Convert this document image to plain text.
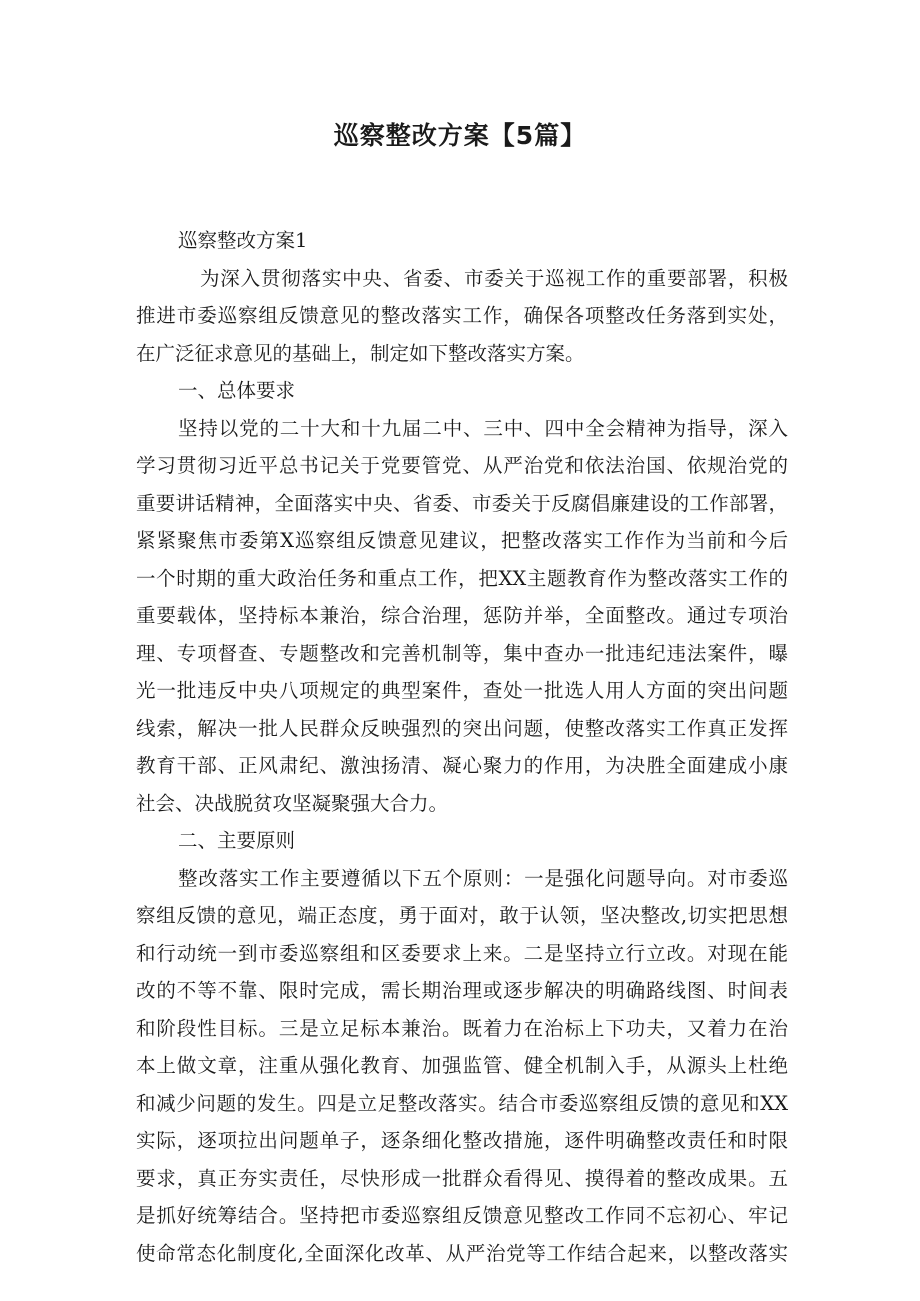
巡察整改方案【5篇】
巡察整改方案1
为深入贯彻落实中央、省委、市委关于巡视工作的重要部署，积极
推进市委巡察组反馈意见的整改落实工作，确保各项整改任务落到实处，
在广泛征求意见的基础上，制定如下整改落实方案。
一、总体要求
坚持以党的二十大和十九届二中、三中、四中全会精神为指导，深入
学习贯彻习近平总书记关于党要管党、从严治党和依法治国、依规治党的
重要讲话精神，全面落实中央、省委、市委关于反腐倡廉建设的工作部署，
紧紧聚焦市委第X巡察组反馈意见建议，把整改落实工作作为当前和今后
一个时期的重大政治任务和重点工作，把XX主题教育作为整改落实工作的
重要载体，坚持标本兼治，综合治理，惩防并举，全面整改。通过专项治
理、专项督查、专题整改和完善机制等，集中查办一批违纪违法案件，曝
光一批违反中央八项规定的典型案件，查处一批选人用人方面的突出问题
线索，解决一批人民群众反映强烈的突出问题，使整改落实工作真正发挥
教育干部、正风肃纪、激浊扬清、凝心聚力的作用，为决胜全面建成小康
社会、决战脱贫攻坚凝聚强大合力。
二、主要原则
整改落实工作主要遵循以下五个原则：一是强化问题导向。对市委巡
察组反馈的意见，端正态度，勇于面对，敢于认领，坚决整改,切实把思想
和行动统一到市委巡察组和区委要求上来。二是坚持立行立改。对现在能
改的不等不靠、限时完成，需长期治理或逐步解决的明确路线图、时间表
和阶段性目标。三是立足标本兼治。既着力在治标上下功夫，又着力在治
本上做文章，注重从强化教育、加强监管、健全机制入手，从源头上杜绝
和减少问题的发生。四是立足整改落实。结合市委巡察组反馈的意见和XX
实际，逐项拉出问题单子，逐条细化整改措施，逐件明确整改责任和时限
要求，真正夯实责任，尽快形成一批群众看得见、摸得着的整改成果。五
是抓好统筹结合。坚持把市委巡察组反馈意见整改工作同不忘初心、牢记
使命常态化制度化,全面深化改革、从严治党等工作结合起来，以整改落实
